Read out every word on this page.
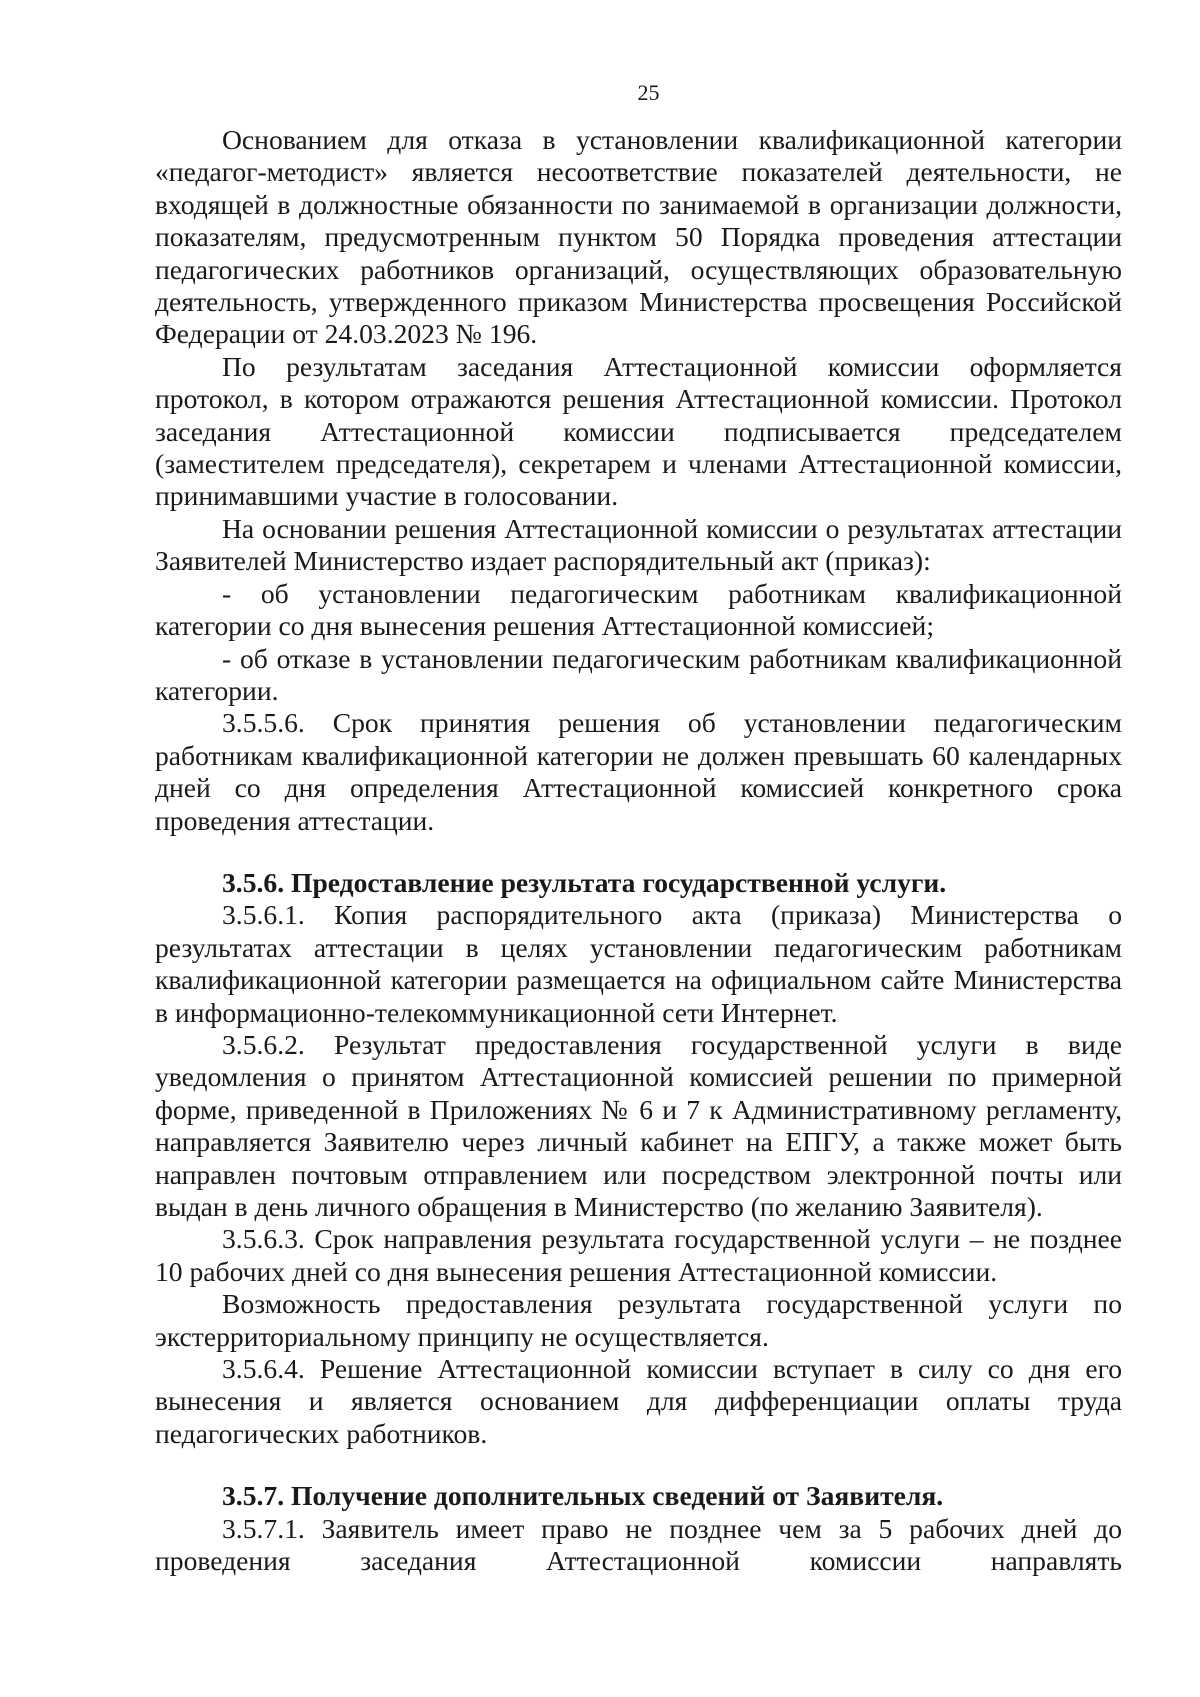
25

Основанием для отказа в установлении квалификационной категории «педагог-методист» является несоответствие показателей деятельности, не входящей в должностные обязанности по занимаемой в организации должности, показателям, предусмотренным пунктом 50 Порядка проведения аттестации педагогических работников организаций, осуществляющих образовательную деятельность, утвержденного приказом Министерства просвещения Российской Федерации от 24.03.2023 № 196.

По результатам заседания Аттестационной комиссии оформляется протокол, в котором отражаются решения Аттестационной комиссии. Протокол заседания Аттестационной комиссии подписывается председателем (заместителем председателя), секретарем и членами Аттестационной комиссии, принимавшими участие в голосовании.

На основании решения Аттестационной комиссии о результатах аттестации Заявителей Министерство издает распорядительный акт (приказ):

- об установлении педагогическим работникам квалификационной категории со дня вынесения решения Аттестационной комиссией;

- об отказе в установлении педагогическим работникам квалификационной категории.

3.5.5.6. Срок принятия решения об установлении педагогическим работникам квалификационной категории не должен превышать 60 календарных дней со дня определения Аттестационной комиссией конкретного срока проведения аттестации.

3.5.6. Предоставление результата государственной услуги.

3.5.6.1. Копия распорядительного акта (приказа) Министерства о результатах аттестации в целях установлении педагогическим работникам квалификационной категории размещается на официальном сайте Министерства в информационно-телекоммуникационной сети Интернет.

3.5.6.2. Результат предоставления государственной услуги в виде уведомления о принятом Аттестационной комиссией решении по примерной форме, приведенной в Приложениях № 6 и 7 к Административному регламенту, направляется Заявителю через личный кабинет на ЕПГУ, а также может быть направлен почтовым отправлением или посредством электронной почты или выдан в день личного обращения в Министерство (по желанию Заявителя).

3.5.6.3. Срок направления результата государственной услуги – не позднее 10 рабочих дней со дня вынесения решения Аттестационной комиссии.

Возможность предоставления результата государственной услуги по экстерриториальному принципу не осуществляется.

3.5.6.4. Решение Аттестационной комиссии вступает в силу со дня его вынесения и является основанием для дифференциации оплаты труда педагогических работников.

3.5.7. Получение дополнительных сведений от Заявителя.

3.5.7.1. Заявитель имеет право не позднее чем за 5 рабочих дней до проведения заседания Аттестационной комиссии направлять
